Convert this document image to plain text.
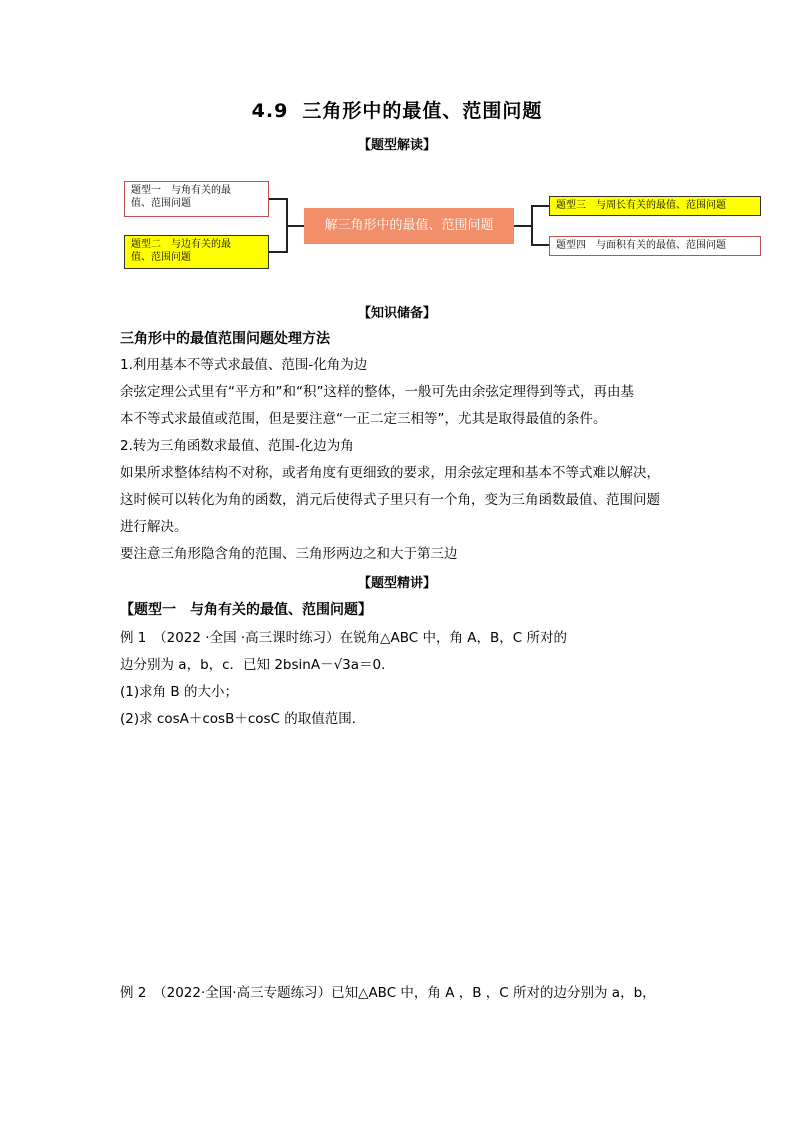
4.9 三角形中的最值、范围问题
【题型解读】
题型一　与角有关的最
值、范围问题
题型二　与边有关的最
值、范围问题
解三角形中的最值、范围问题
题型三　与周长有关的最值、范围问题
题型四　与面积有关的最值、范围问题
【知识储备】
三角形中的最值范围问题处理方法
1.利用基本不等式求最值、范围-化角为边
余弦定理公式里有“平方和”和“积”这样的整体，一般可先由余弦定理得到等式，再由基
本不等式求最值或范围，但是要注意“一正二定三相等”，尤其是取得最值的条件。
2.转为三角函数求最值、范围-化边为角
如果所求整体结构不对称，或者角度有更细致的要求，用余弦定理和基本不等式难以解决，
这时候可以转化为角的函数，消元后使得式子里只有一个角，变为三角函数最值、范围问题
进行解决。
要注意三角形隐含角的范围、三角形两边之和大于第三边
【题型精讲】
【题型一　与角有关的最值、范围问题】
例 1　（2022 ·全国 ·高三课时练习）在锐角△ABC 中，角 A，B，C 所对的
边分别为 a，b，c．已知 2bsinA－√3a＝0．
(1)求角 B 的大小；
(2)求 cosA＋cosB＋cosC 的取值范围．
例 2　（2022·全国·高三专题练习）已知△ABC 中，角 A ，B ，C 所对的边分别为 a，b，
